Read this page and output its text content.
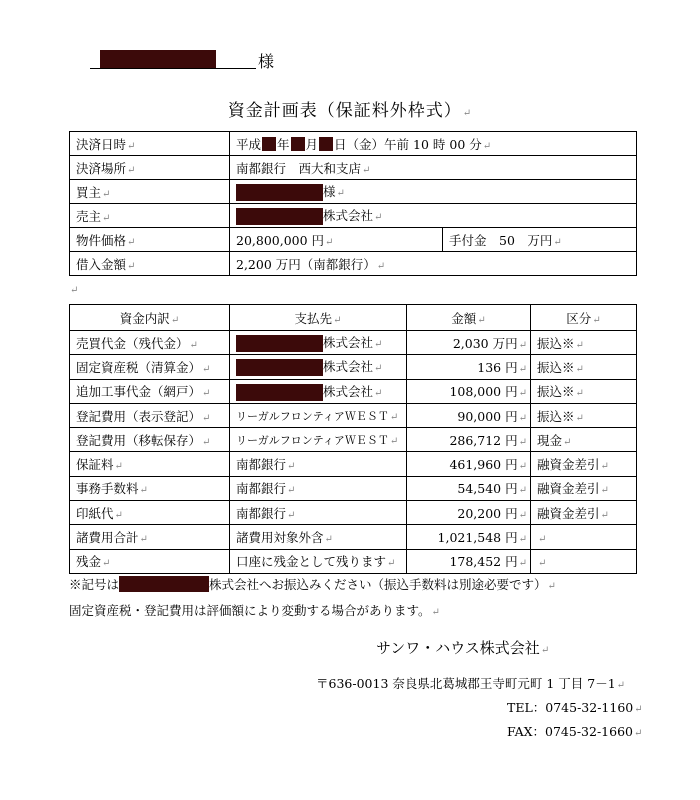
様
資金計画表（保証料外枠式）↵
決済日時↵	平成 年 月 日（金）午前 10 時 00 分↵	
決済場所↵	南都銀行　西大和支店↵	
買主↵	様↵	
売主↵	株式会社↵	
物件価格↵	20,800,000 円↵	手付金　50　万円↵
借入金額↵	2,200 万円（南都銀行）↵	
↵
資金内訳↵	支払先↵	金額↵	区分↵
売買代金（残代金）↵	株式会社↵	2,030 万円↵	振込※↵
固定資産税（清算金）↵	株式会社↵	136 円↵	振込※↵
追加工事代金（網戸）↵	株式会社↵	108,000 円↵	振込※↵
登記費用（表示登記）↵	リーガルフロンティアＷＥＳＴ↵	90,000 円↵	振込※↵
登記費用（移転保存）↵	リーガルフロンティアＷＥＳＴ↵	286,712 円↵	現金↵
保証料↵	南都銀行↵	461,960 円↵	融資金差引↵
事務手数料↵	南都銀行↵	54,540 円↵	融資金差引↵
印紙代↵	南都銀行↵	20,200 円↵	融資金差引↵
諸費用合計↵	諸費用対象外含↵	1,021,548 円↵	↵
残金↵	口座に残金として残ります↵	178,452 円↵	↵
※記号は	株式会社へお振込みください（振込手数料は別途必要です）↵
固定資産税・登記費用は評価額により変動する場合があります。↵
サンワ・ハウス株式会社↵
〒636-0013 奈良県北葛城郡王寺町元町 1 丁目 7－1↵
TEL：0745-32-1160↵
FAX：0745-32-1660↵
